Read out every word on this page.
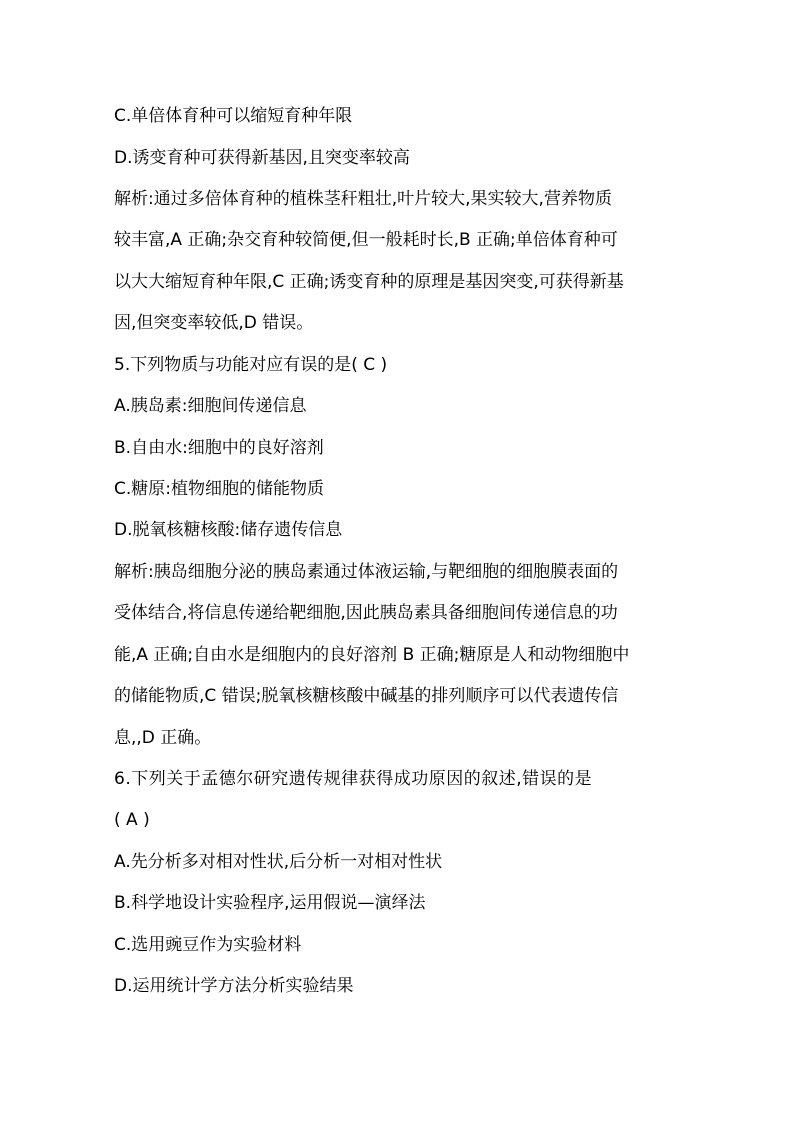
C.单倍体育种可以缩短育种年限
D.诱变育种可获得新基因,且突变率较高
解析:通过多倍体育种的植株茎秆粗壮,叶片较大,果实较大,营养物质
较丰富,A 正确;杂交育种较简便,但一般耗时长,B 正确;单倍体育种可
以大大缩短育种年限,C 正确;诱变育种的原理是基因突变,可获得新基
因,但突变率较低,D 错误。
5.下列物质与功能对应有误的是( C )
A.胰岛素:细胞间传递信息
B.自由水:细胞中的良好溶剂
C.糖原:植物细胞的储能物质
D.脱氧核糖核酸:储存遗传信息
解析:胰岛细胞分泌的胰岛素通过体液运输,与靶细胞的细胞膜表面的
受体结合,将信息传递给靶细胞,因此胰岛素具备细胞间传递信息的功
能,A 正确;自由水是细胞内的良好溶剂 B 正确;糖原是人和动物细胞中
的储能物质,C 错误;脱氧核糖核酸中碱基的排列顺序可以代表遗传信
息,,D 正确。
6.下列关于孟德尔研究遗传规律获得成功原因的叙述,错误的是
( A )
A.先分析多对相对性状,后分析一对相对性状
B.科学地设计实验程序,运用假说—演绎法
C.选用豌豆作为实验材料
D.运用统计学方法分析实验结果
